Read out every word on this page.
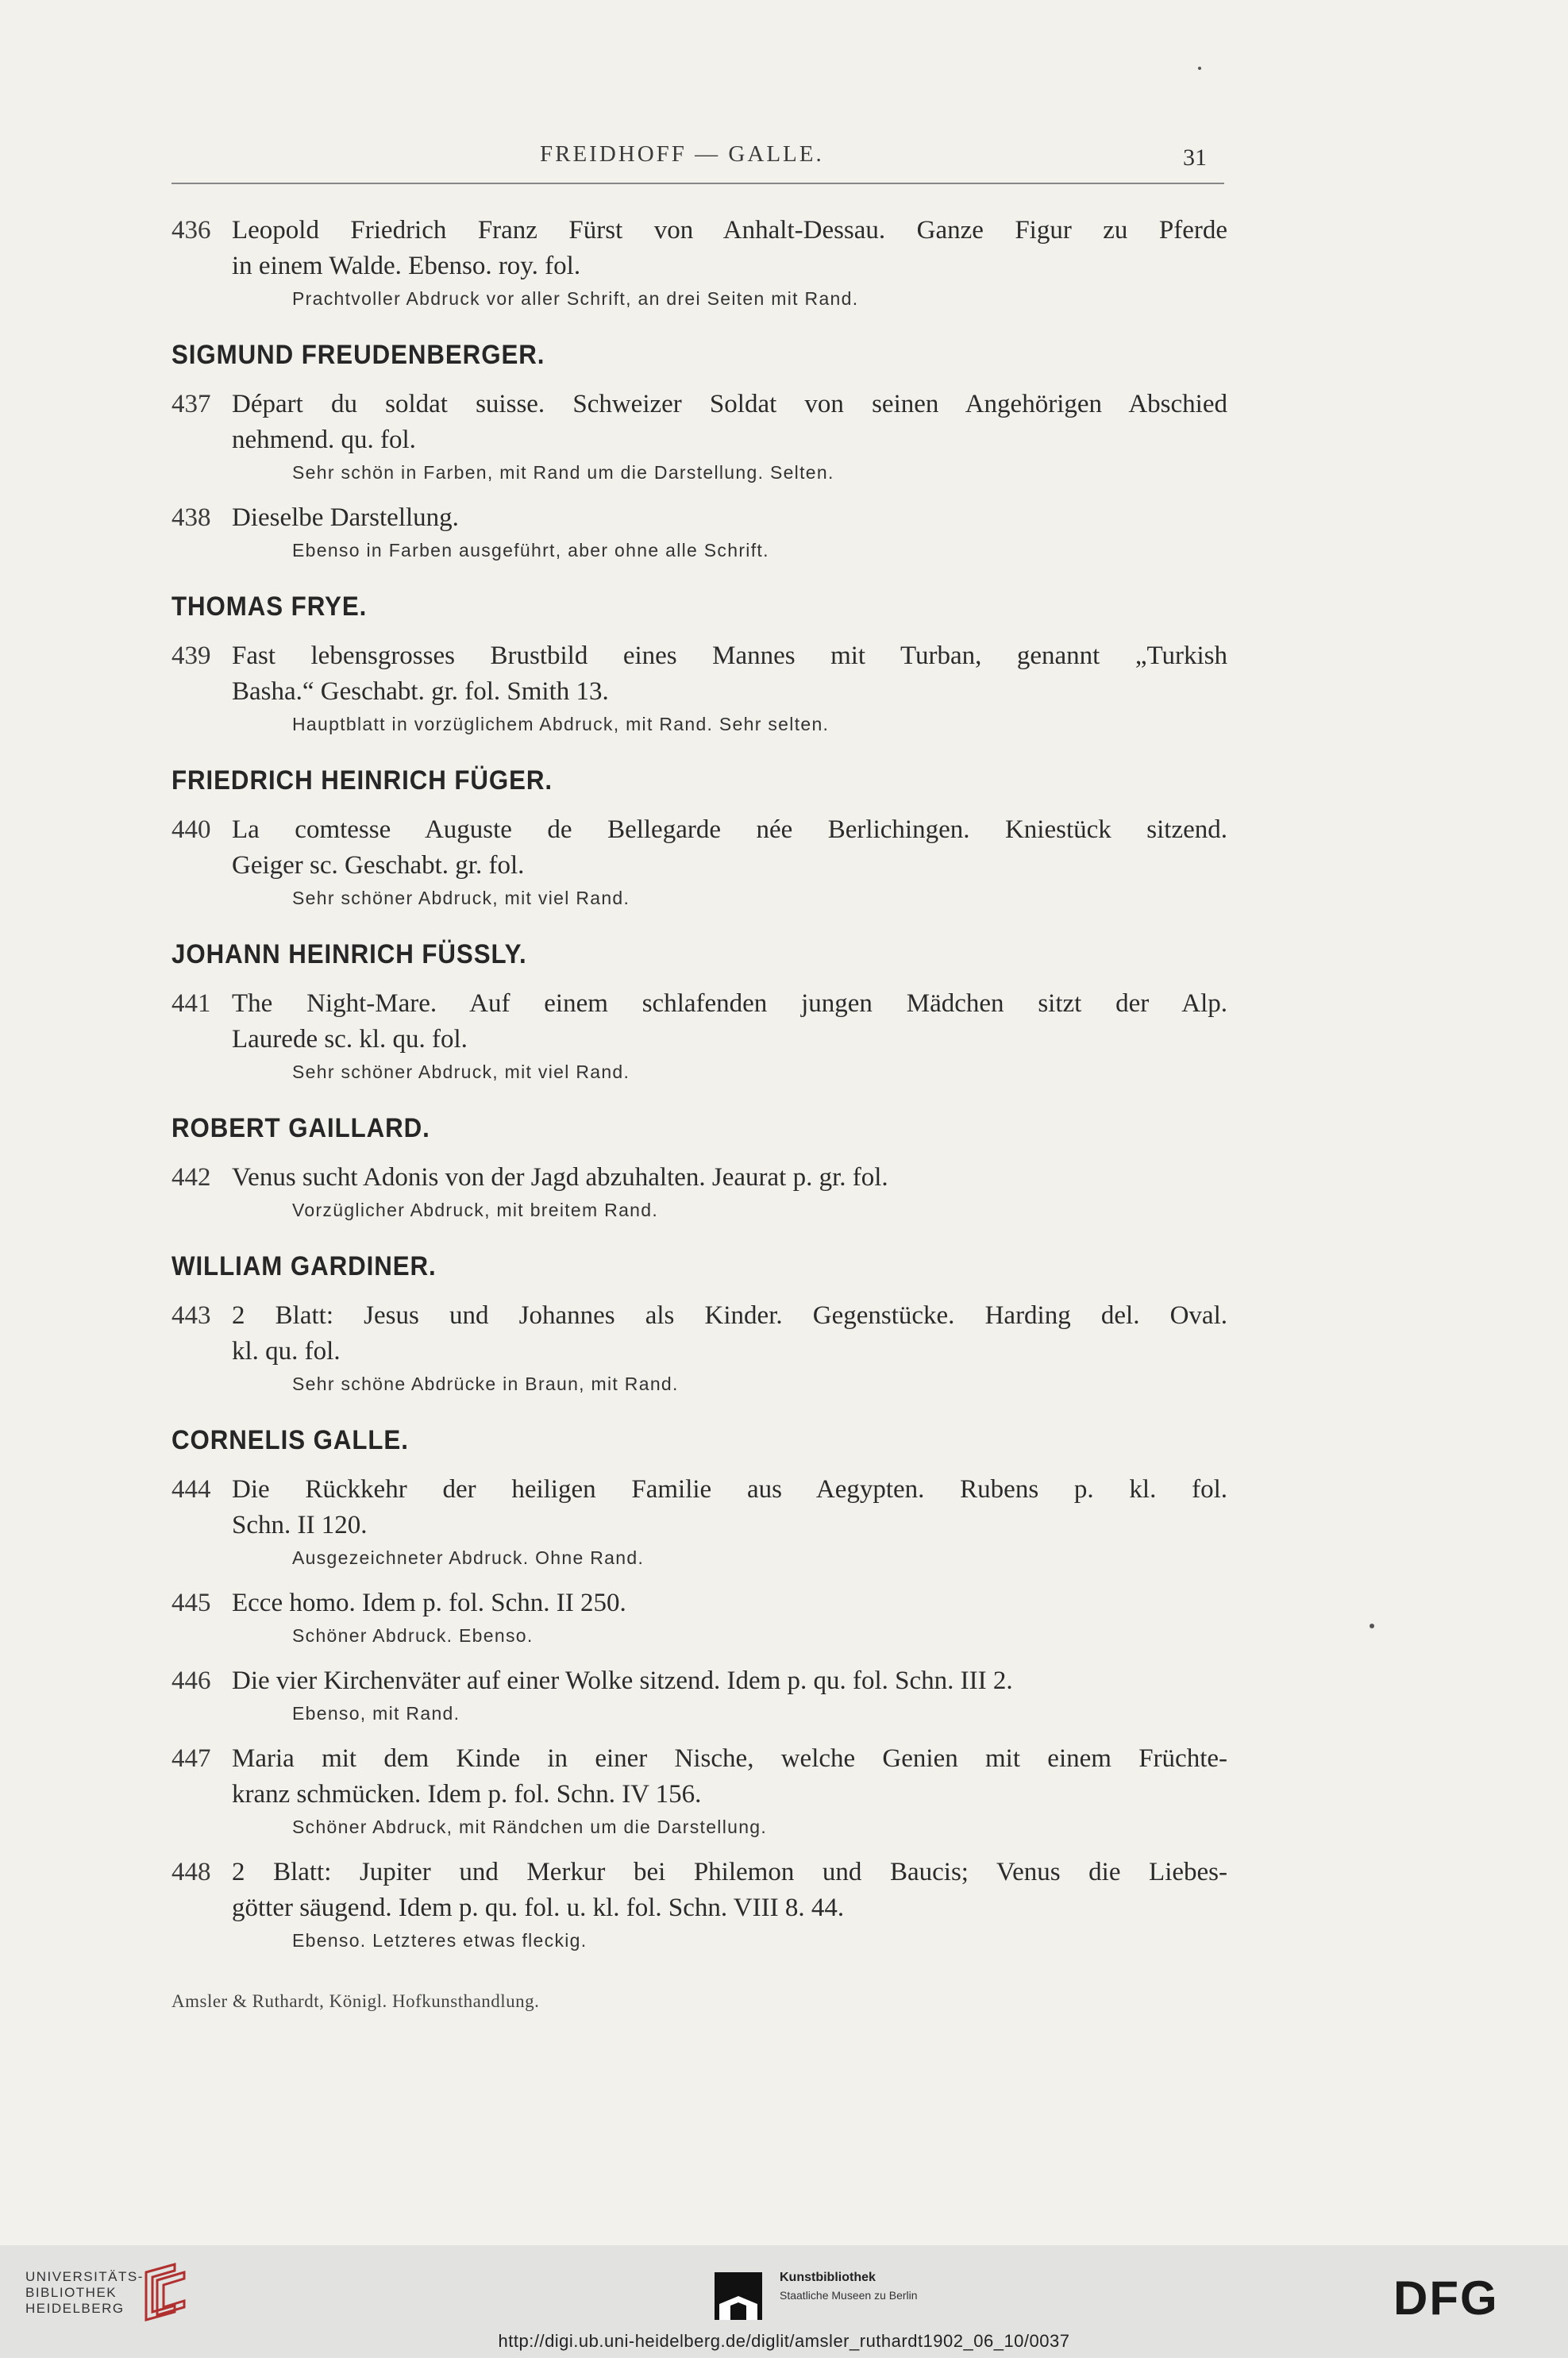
FREIDHOFF — GALLE.	31
436 Leopold Friedrich Franz Fürst von Anhalt-Dessau. Ganze Figur zu Pferde
in einem Walde. Ebenso. roy. fol.
Prachtvoller Abdruck vor aller Schrift, an drei Seiten mit Rand.
SIGMUND FREUDENBERGER.
437 Départ du soldat suisse. Schweizer Soldat von seinen Angehörigen Abschied
nehmend. qu. fol.
Sehr schön in Farben, mit Rand um die Darstellung. Selten.
438 Dieselbe Darstellung.
Ebenso in Farben ausgeführt, aber ohne alle Schrift.
THOMAS FRYE.
439 Fast lebensgrosses Brustbild eines Mannes mit Turban, genannt „Turkish
Basha.“ Geschabt. gr. fol. Smith 13.
Hauptblatt in vorzüglichem Abdruck, mit Rand. Sehr selten.
FRIEDRICH HEINRICH FÜGER.
440 La comtesse Auguste de Bellegarde née Berlichingen. Kniestück sitzend.
Geiger sc. Geschabt. gr. fol.
Sehr schöner Abdruck, mit viel Rand.
JOHANN HEINRICH FÜSSLY.
441 The Night-Mare. Auf einem schlafenden jungen Mädchen sitzt der Alp.
Laurede sc. kl. qu. fol.
Sehr schöner Abdruck, mit viel Rand.
ROBERT GAILLARD.
442 Venus sucht Adonis von der Jagd abzuhalten. Jeaurat p. gr. fol.
Vorzüglicher Abdruck, mit breitem Rand.
WILLIAM GARDINER.
443 2 Blatt: Jesus und Johannes als Kinder. Gegenstücke. Harding del. Oval.
kl. qu. fol.
Sehr schöne Abdrücke in Braun, mit Rand.
CORNELIS GALLE.
444 Die Rückkehr der heiligen Familie aus Aegypten. Rubens p. kl. fol.
Schn. II 120.
Ausgezeichneter Abdruck. Ohne Rand.
445 Ecce homo. Idem p. fol. Schn. II 250.
Schöner Abdruck. Ebenso.
446 Die vier Kirchenväter auf einer Wolke sitzend. Idem p. qu. fol. Schn. III 2.
Ebenso, mit Rand.
447 Maria mit dem Kinde in einer Nische, welche Genien mit einem Früchte-
kranz schmücken. Idem p. fol. Schn. IV 156.
Schöner Abdruck, mit Rändchen um die Darstellung.
448 2 Blatt: Jupiter und Merkur bei Philemon und Baucis; Venus die Liebes-
götter säugend. Idem p. qu. fol. u. kl. fol. Schn. VIII 8. 44.
Ebenso. Letzteres etwas fleckig.
Amsler & Ruthardt, Königl. Hofkunsthandlung.
UNIVERSITÄTS-
BIBLIOTHEK
HEIDELBERG
Kunstbibliothek
Staatliche Museen zu Berlin	DFG
http://digi.ub.uni-heidelberg.de/diglit/amsler_ruthardt1902_06_10/0037
